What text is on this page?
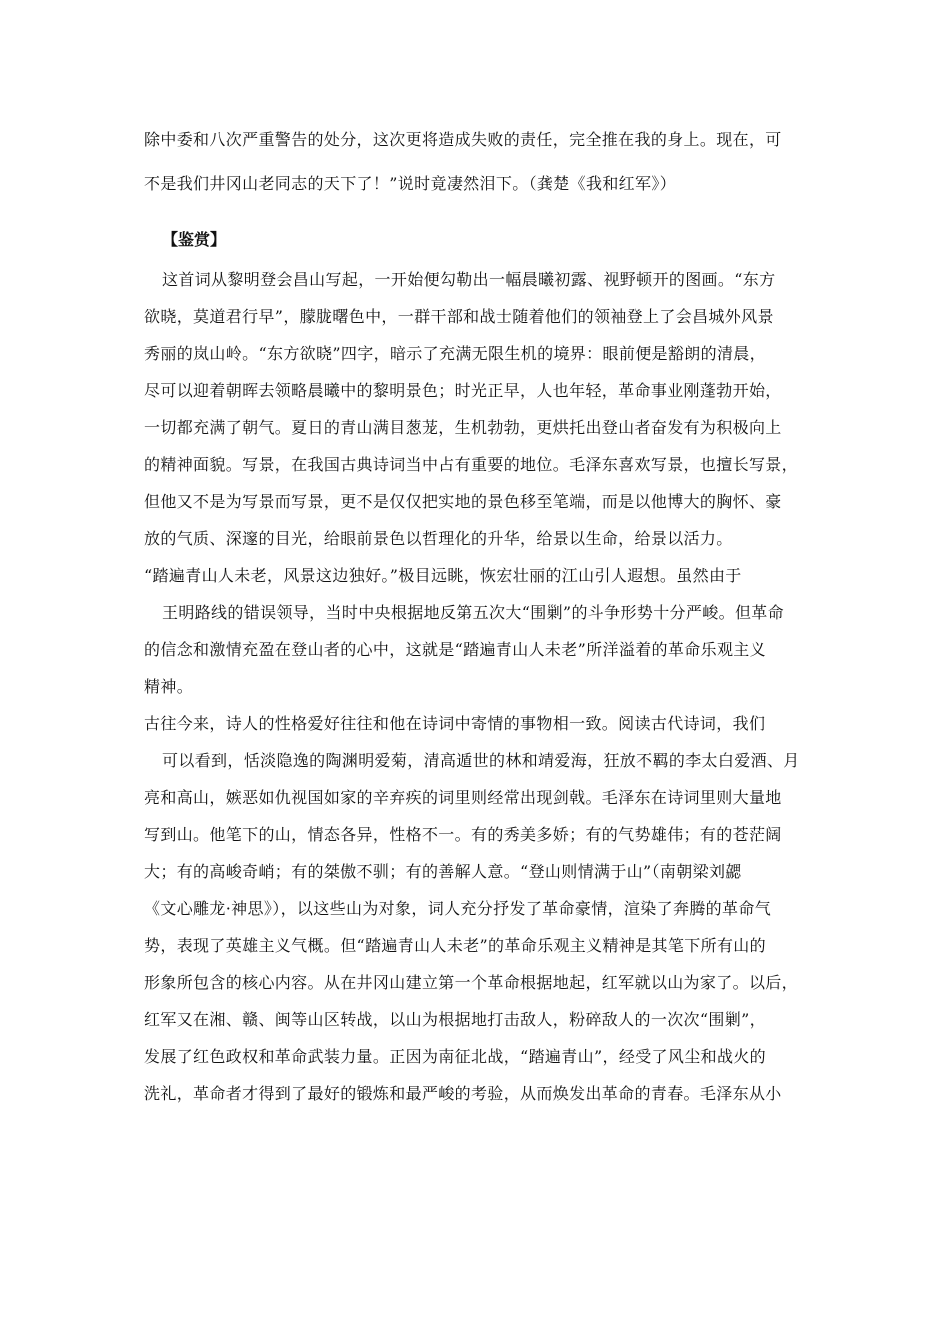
除中委和八次严重警告的处分，这次更将造成失败的责任，完全推在我的身上。现在，可
不是我们井冈山老同志的天下了！”说时竟凄然泪下。（龚楚《我和红军》）
【鉴赏】
这首词从黎明登会昌山写起，一开始便勾勒出一幅晨曦初露、视野顿开的图画。“东方
欲晓，莫道君行早”，朦胧曙色中，一群干部和战士随着他们的领袖登上了会昌城外风景
秀丽的岚山岭。“东方欲晓”四字，暗示了充满无限生机的境界：眼前便是豁朗的清晨，
尽可以迎着朝晖去领略晨曦中的黎明景色；时光正早，人也年轻，革命事业刚蓬勃开始，
一切都充满了朝气。夏日的青山满目葱茏，生机勃勃，更烘托出登山者奋发有为积极向上
的精神面貌。写景，在我国古典诗词当中占有重要的地位。毛泽东喜欢写景，也擅长写景，
但他又不是为写景而写景，更不是仅仅把实地的景色移至笔端，而是以他博大的胸怀、豪
放的气质、深邃的目光，给眼前景色以哲理化的升华，给景以生命，给景以活力。
“踏遍青山人未老，风景这边独好。”极目远眺，恢宏壮丽的江山引人遐想。虽然由于
王明路线的错误领导，当时中央根据地反第五次大“围剿”的斗争形势十分严峻。但革命
的信念和激情充盈在登山者的心中，这就是“踏遍青山人未老”所洋溢着的革命乐观主义
精神。
古往今来，诗人的性格爱好往往和他在诗词中寄情的事物相一致。阅读古代诗词，我们
可以看到，恬淡隐逸的陶渊明爱菊，清高遁世的林和靖爱海，狂放不羁的李太白爱酒、月
亮和高山，嫉恶如仇视国如家的辛弃疾的词里则经常出现剑戟。毛泽东在诗词里则大量地
写到山。他笔下的山，情态各异，性格不一。有的秀美多娇；有的气势雄伟；有的苍茫阔
大；有的高峻奇峭；有的桀傲不驯；有的善解人意。“登山则情满于山”（南朝梁刘勰
《文心雕龙·神思》），以这些山为对象，词人充分抒发了革命豪情，渲染了奔腾的革命气
势，表现了英雄主义气概。但“踏遍青山人未老”的革命乐观主义精神是其笔下所有山的
形象所包含的核心内容。从在井冈山建立第一个革命根据地起，红军就以山为家了。以后，
红军又在湘、赣、闽等山区转战，以山为根据地打击敌人，粉碎敌人的一次次“围剿”，
发展了红色政权和革命武装力量。正因为南征北战，“踏遍青山”，经受了风尘和战火的
洗礼，革命者才得到了最好的锻炼和最严峻的考验，从而焕发出革命的青春。毛泽东从小
